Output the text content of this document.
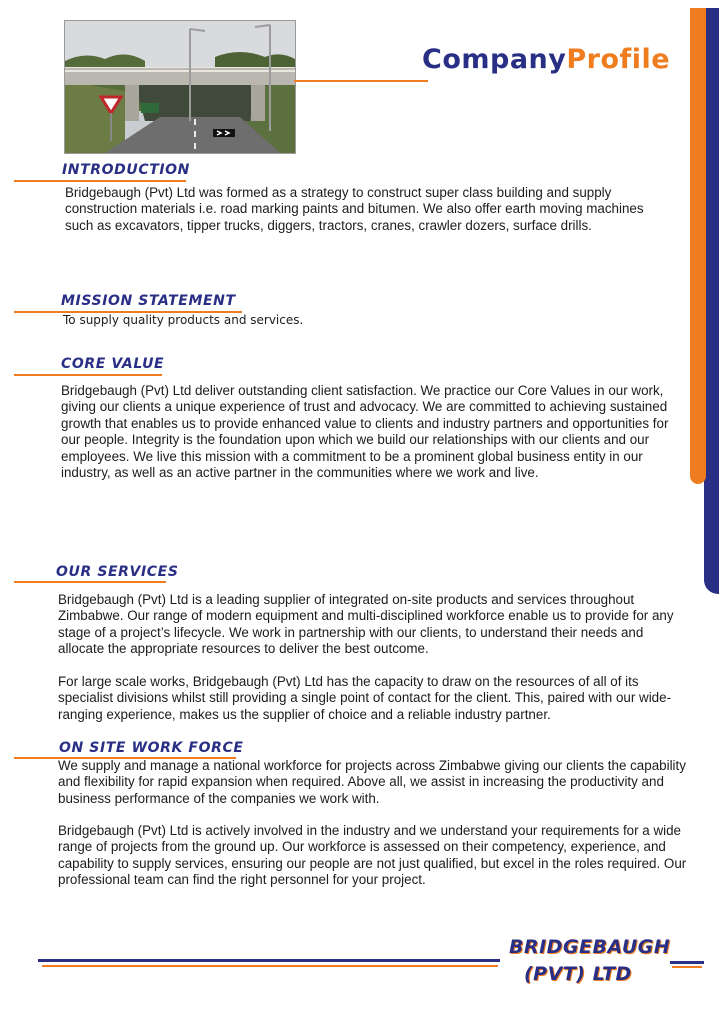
CompanyProfile
INTRODUCTION

Bridgebaugh (Pvt) Ltd was formed as a strategy to construct super class building and supply construction materials i.e. road marking paints and bitumen. We also offer earth moving machines such as excavators, tipper trucks, diggers, tractors, cranes, crawler dozers, surface drills.

MISSION STATEMENT

To supply quality products and services.

CORE VALUE

Bridgebaugh (Pvt) Ltd deliver outstanding client satisfaction. We practice our Core Values in our work, giving our clients a unique experience of trust and advocacy. We are committed to achieving sustained growth that enables us to provide enhanced value to clients and industry partners and opportunities for our people. Integrity is the foundation upon which we build our relationships with our clients and our employees. We live this mission with a commitment to be a prominent global business entity in our industry, as well as an active partner in the communities where we work and live.

OUR SERVICES

Bridgebaugh (Pvt) Ltd is a leading supplier of integrated on-site products and services throughout Zimbabwe. Our range of modern equipment and multi-disciplined workforce enable us to provide for any stage of a project’s lifecycle. We work in partnership with our clients, to understand their needs and allocate the appropriate resources to deliver the best outcome.

For large scale works, Bridgebaugh (Pvt) Ltd has the capacity to draw on the resources of all of its specialist divisions whilst still providing a single point of contact for the client. This, paired with our wide-ranging experience, makes us the supplier of choice and a reliable industry partner.

ON SITE WORK FORCE

We supply and manage a national workforce for projects across Zimbabwe giving our clients the capability and flexibility for rapid expansion when required. Above all, we assist in increasing the productivity and business performance of the companies we work with.

Bridgebaugh (Pvt) Ltd is actively involved in the industry and we understand your requirements for a wide range of projects from the ground up. Our workforce is assessed on their competency, experience, and capability to supply services, ensuring our people are not just qualified, but excel in the roles required. Our professional team can find the right personnel for your project.

BRIDGEBAUGH
(PVT) LTD
